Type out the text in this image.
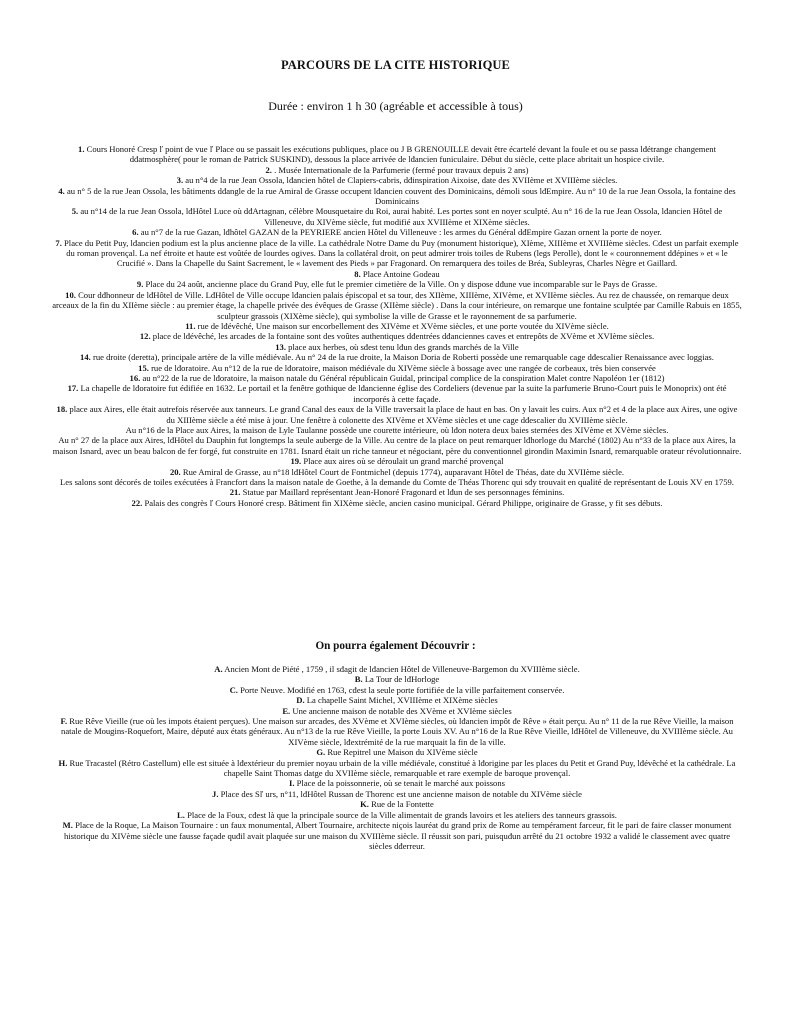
PARCOURS DE LA CITE HISTORIQUE
Durée : environ 1 h 30 (agréable et accessible à tous)

1. Cours Honoré Cresp ľ point de vue ľ Place ou se passait les exécutions publiques, place ou J B GRENOUILLE devait être écartelé devant la foule et ou se passa lđétrange changement dđatmosphère( pour le roman de Patrick SUSKIND), dessous la place arrivée de lđancien funiculaire. Début du siècle, cette place abritait un hospice civile.

2. . Musée Internationale de la Parfumerie (fermé pour travaux depuis 2 ans)

3. au n°4 de la rue Jean Ossola, lđancien hôtel de Clapiers-cabris, dđinspiration Aixoise, date des XVIIème et XVIIIème siècles.

4. au n° 5 de la rue Jean Ossola, les bâtiments dđangle de la rue Amiral de Grasse occupent lđancien couvent des Dominicains, démoli sous lđEmpire. Au n° 10 de la rue Jean Ossola, la fontaine des Dominicains

5. au n°14 de la rue Jean Ossola, lđHôtel Luce où dđArtagnan, célèbre Mousquetaire du Roi, aurai habité. Les portes sont en noyer sculpté. Au n° 16 de la rue Jean Ossola, lđancien Hôtel de Villeneuve, du XIVème siècle, fut modifié aux XVIIIème et XIXème siècles.

6. au n°7 de la rue Gazan, lđhôtel GAZAN de la PEYRIERE ancien Hôtel du Villeneuve : les armes du Général dđEmpire Gazan ornent la porte de noyer.

7. Place du Petit Puy, lđancien podium est la plus ancienne place de la ville. La cathédrale Notre Dame du Puy (monument historique), XIème, XIIIème et XVIIIème siècles. Cđest un parfait exemple du roman provençal. La nef étroite et haute est voûtée de lourdes ogives. Dans la collatéral droit, on peut admirer trois toiles de Rubens (legs Perolle), dont le « couronnement dđépines » et « le Crucifié ». Dans la Chapelle du Saint Sacrement, le « lavement des Pieds » par Fragonard. On remarquera des toiles de Bréa, Subleyras, Charles Nègre et Gaillard.

8. Place Antoine Godeau

9. Place du 24 août, ancienne place du Grand Puy, elle fut le premier cimetière de la Ville. On y dispose dđune vue incomparable sur le Pays de Grasse.

10. Cour dđhonneur de lđHôtel de Ville. LđHôtel de Ville occupe lđancien palais épiscopal et sa tour, des XIIème, XIIIème, XIVème, et XVIIème siècles. Au rez de chaussée, on remarque deux arceaux de la fin du XIIème siècle : au premier étage, la chapelle privée des évêques de Grasse (XIIème siècle) . Dans la cour intérieure, on remarque une fontaine sculptée par Camille Rabuis en 1855, sculpteur grassois (XIXème siècle), qui symbolise la ville de Grasse et le rayonnement de sa parfumerie.

11. rue de lđévêché, Une maison sur encorbellement des XIVème et XVème siècles, et une porte voutée du XIVème siècle.

12. place de lđévêché, les arcades de la fontaine sont des voûtes authentiques dđentrées dđanciennes caves et entrepôts de XVème et XVIème siècles.

13. place aux herbes, où sđest tenu lđun des grands marchés de la Ville

14. rue droite (deretta), principale artère de la ville médiévale. Au n° 24 de la rue droite, la Maison Doria de Roberti possède une remarquable cage dđescalier Renaissance avec loggias.

15. rue de lđoratoire. Au n°12 de la rue de lđoratoire, maison médiévale du XIVème siècle à bossage avec une rangée de corbeaux, très bien conservée

16. au n°22 de la rue de lđoratoire, la maison natale du Général républicain Guidal, principal complice de la conspiration Malet contre Napoléon 1er (1812)

17. La chapelle de lđoratoire fut édifiée en 1632. Le portail et la fenêtre gothique de lđancienne église des Cordeliers (devenue par la suite la parfumerie Bruno-Court puis le Monoprix) ont été incorporés à cette façade.

18. place aux Aires, elle était autrefois réservée aux tanneurs. Le grand Canal des eaux de la Ville traversait la place de haut en bas. On y lavait les cuirs. Aux n°2 et 4 de la place aux Aires, une ogive du XIIIème siècle a été mise à jour. Une fenêtre à colonette des XIVème et XVème siècles et une cage dđescalier du XVIIIème siècle.

Au n°16 de la Place aux Aires, la maison de Lyle Taulanne possède une courette intérieure, où lđon notera deux baies sternées des XIVème et XVème siècles.

Au n° 27 de la place aux Aires, lđHôtel du Dauphin fut longtemps la seule auberge de la Ville. Au centre de la place on peut remarquer lđhorloge du Marché (1802) Au n°33 de la place aux Aires, la maison Isnard, avec un beau balcon de fer forgé, fut construite en 1781. Isnard était un riche tanneur et négociant, père du conventionnel girondin Maximin Isnard, remarquable orateur révolutionnaire.

19. Place aux aires où se déroulait un grand marché provençal

20. Rue Amiral de Grasse, au n°18 lđHôtel Court de Fontmichel (depuis 1774), auparavant Hôtel de Théas, date du XVIIème siècle.

Les salons sont décorés de toiles exécutées à Francfort dans la maison natale de Goethe, à la demande du Comte de Théas Thorenc qui sđy trouvait en qualité de représentant de Louis XV en 1759.

21. Statue par Maillard représentant Jean-Honoré Fragonard et lđun de ses personnages féminins.

22. Palais des congrès ľ Cours Honoré cresp. Bâtiment fin XIXème siècle, ancien casino municipal. Gérard Philippe, originaire de Grasse, y fit ses débuts.

On pourra également Découvrir :

A. Ancien Mont de Piété , 1759 , il sđagit de lđancien Hôtel de Villeneuve-Bargemon du XVIIIème siècle.

B. La Tour de lđHorloge

C. Porte Neuve. Modifié en 1763, cđest la seule porte fortifiée de la ville parfaitement conservée.

D. La chapelle Saint Michel, XVIIIème et XIXème siècles

E. Une ancienne maison de notable des XVème et XVIème siècles

F. Rue Rêve Vieille (rue où les impots étaient perçues). Une maison sur arcades, des XVème et XVIème siècles, où lđancien impôt đe Rêve » était perçu. Au n° 11 de la rue Rêve Vieille, la maison natale de Mougins-Roquefort, Maire, député aux états généraux. Au n°13 de la rue Rêve Vieille, la porte Louis XV. Au n°16 de la Rue Rêve Vieille, lđHôtel de Villeneuve, du XVIIIème siècle. Au XIVème siècle, lđextrémité de la rue marquait la fin de la ville.

G. Rue Repitrel une Maison du XIVème siècle

H. Rue Tracastel (Rétro Castellum) elle est située à lđextérieur du premier noyau urbain de la ville médiévale, constitué à lđorigine par les places du Petit et Grand Puy, lđévêché et la cathédrale. La chapelle Saint Thomas datge du XVIIème siècle, remarquable et rare exemple de baroque provençal.

I. Place de la poissonnerie, où se tenait le marché aux poissons

J. Place des Sľ urs, n°11, lđHôtel Russan de Thorenc est une ancienne maison de notable du XIVème siècle

K. Rue de la Fontette

L. Place de la Foux, cđest là que la principale source de la Ville alimentait de grands lavoirs et les ateliers des tanneurs grassois.

M. Place de la Roque, La Maison Tournaire : un faux monumental, Albert Tournaire, architecte niçois lauréat du grand prix de Rome au tempérament farceur, fit le pari de faire classer monument historique du XIVème siècle une fausse façade quđil avait plaquée sur une maison du XVIIIème siècle. Il réussit son pari, puisquđun arrêté du 21 octobre 1932 a validé le classement avec quatre siècles dđerreur.
